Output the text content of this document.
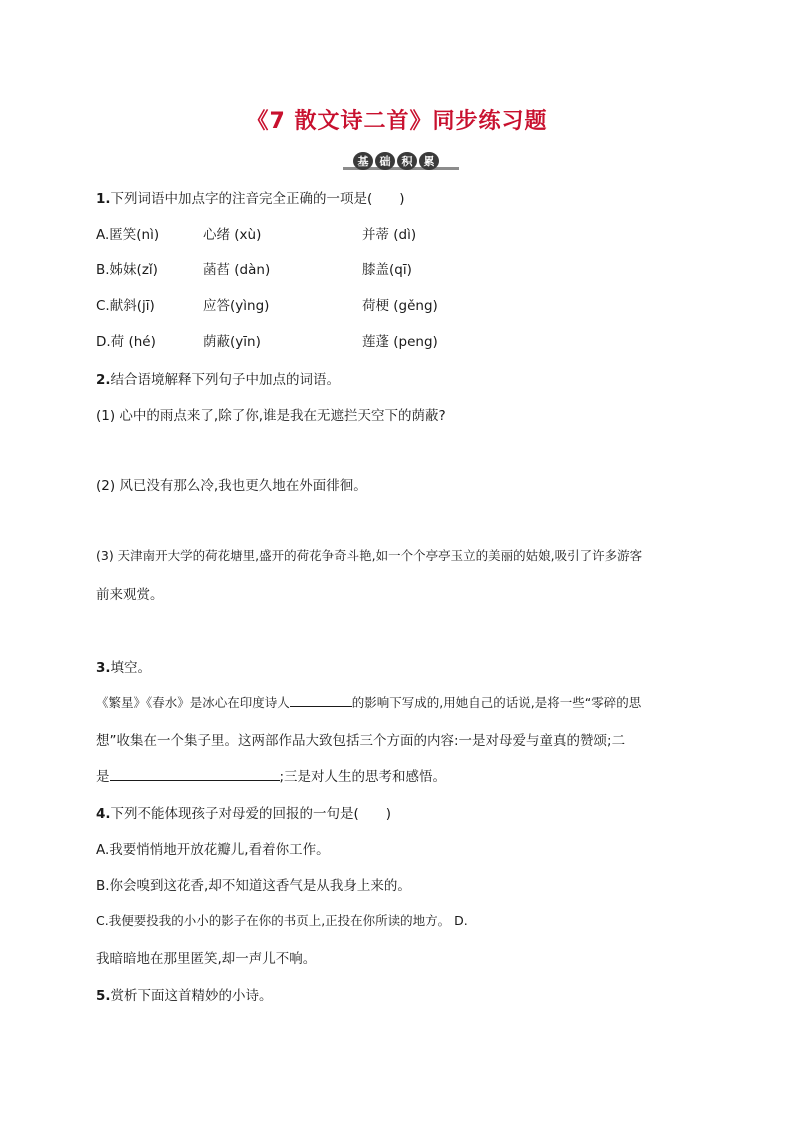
《7 散文诗二首》同步练习题
基	础	积	累
1.下列词语中加点字的注音完全正确的一项是(　　)
A.匿笑(nì)	心绪 (xù)	并蒂 (dì)
B.姊妹(zǐ)	菡萏 (dàn)	膝盖(qī)
C.献斜(jī)	应答(yìng)	荷梗 (gěng)
D.荷 (hé)	荫蔽(yīn)	莲蓬 (peng)
2.结合语境解释下列句子中加点的词语。
(1) 心中的雨点来了,除了你,谁是我在无遮拦天空下的荫蔽?
(2) 风已没有那么冷,我也更久地在外面徘徊。
(3) 天津南开大学的荷花塘里,盛开的荷花争奇斗艳,如一个个亭亭玉立的美丽的姑娘,吸引了许多游客
前来观赏。
3.填空。
《繁星》《春水》是冰心在印度诗人	的影响下写成的,用她自己的话说,是将一些“零碎的思
想”收集在一个集子里。这两部作品大致包括三个方面的内容:一是对母爱与童真的赞颂;二
是	;三是对人生的思考和感悟。
4.下列不能体现孩子对母爱的回报的一句是(　　)
A.我要悄悄地开放花瓣儿,看着你工作。
B.你会嗅到这花香,却不知道这香气是从我身上来的。
C.我便要投我的小小的影子在你的书页上,正投在你所读的地方。 D.
我暗暗地在那里匿笑,却一声儿不响。
5.赏析下面这首精妙的小诗。
